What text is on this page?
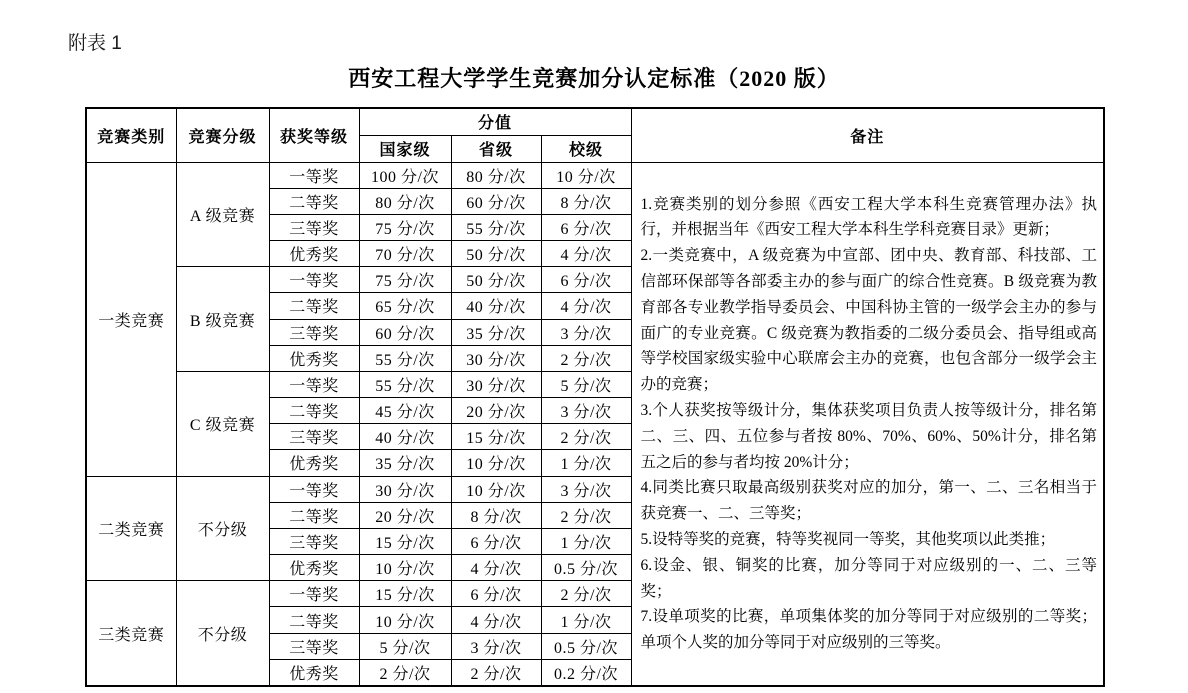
附表 1
西安工程大学学生竞赛加分认定标准（2020 版）
竞赛类别	竞赛分级	获奖等级	分值			备注
			国家级	省级	校级	
一类竞赛	A 级竞赛	一等奖	100 分/次	80 分/次	10 分/次	
1.竞赛类别的划分参照《西安工程大学本科生竞赛管理办法》执行，并根据当年《西安工程大学本科生学科竞赛目录》更新；
2.一类竞赛中，A 级竞赛为中宣部、团中央、教育部、科技部、工信部环保部等各部委主办的参与面广的综合性竞赛。B 级竞赛为教育部各专业教学指导委员会、中国科协主管的一级学会主办的参与面广的专业竞赛。C 级竞赛为教指委的二级分委员会、指导组或高等学校国家级实验中心联席会主办的竞赛，也包含部分一级学会主办的竞赛；
3.个人获奖按等级计分，集体获奖项目负责人按等级计分，排名第二、三、四、五位参与者按 80%、70%、60%、50%计分，排名第五之后的参与者均按 20%计分；
4.同类比赛只取最高级别获奖对应的加分，第一、二、三名相当于获竞赛一、二、三等奖；
5.设特等奖的竞赛，特等奖视同一等奖，其他奖项以此类推；
6.设金、银、铜奖的比赛，加分等同于对应级别的一、二、三等奖；
7.设单项奖的比赛，单项集体奖的加分等同于对应级别的二等奖；单项个人奖的加分等同于对应级别的三等奖。

		二等奖	80 分/次	60 分/次	8 分/次	
		三等奖	75 分/次	55 分/次	6 分/次	
		优秀奖	70 分/次	50 分/次	4 分/次	
	B 级竞赛	一等奖	75 分/次	50 分/次	6 分/次	
		二等奖	65 分/次	40 分/次	4 分/次	
		三等奖	60 分/次	35 分/次	3 分/次	
		优秀奖	55 分/次	30 分/次	2 分/次	
	C 级竞赛	一等奖	55 分/次	30 分/次	5 分/次	
		二等奖	45 分/次	20 分/次	3 分/次	
		三等奖	40 分/次	15 分/次	2 分/次	
		优秀奖	35 分/次	10 分/次	1 分/次	
二类竞赛	不分级	一等奖	30 分/次	10 分/次	3 分/次	
		二等奖	20 分/次	8 分/次	2 分/次	
		三等奖	15 分/次	6 分/次	1 分/次	
		优秀奖	10 分/次	4 分/次	0.5 分/次	
三类竞赛	不分级	一等奖	15 分/次	6 分/次	2 分/次	
		二等奖	10 分/次	4 分/次	1 分/次	
		三等奖	5 分/次	3 分/次	0.5 分/次	
		优秀奖	2 分/次	2 分/次	0.2 分/次	
